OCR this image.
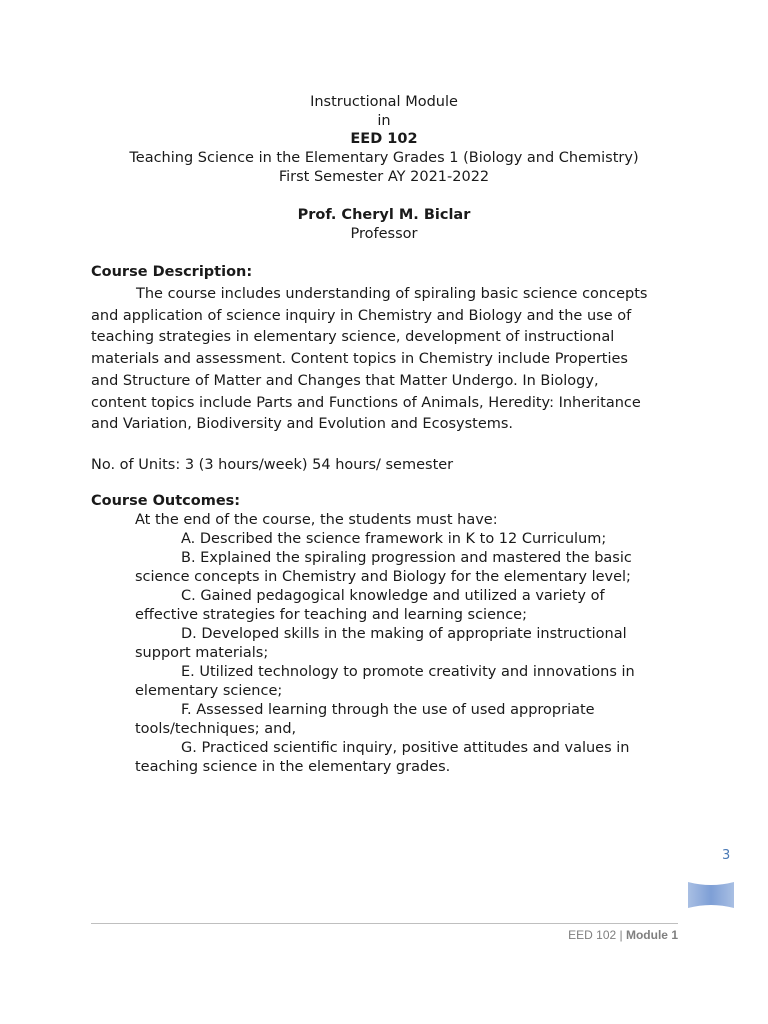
Instructional Module
in
EED 102
Teaching Science in the Elementary Grades 1 (Biology and Chemistry)
First Semester AY 2021-2022
Prof. Cheryl M. Biclar
Professor
Course Description:
The course includes understanding of spiraling basic science concepts
and application of science inquiry in Chemistry and Biology and the use of
teaching strategies in elementary science, development of instructional
materials and assessment. Content topics in Chemistry include Properties
and Structure of Matter and Changes that Matter Undergo. In Biology,
content topics include Parts and Functions of Animals, Heredity: Inheritance
and Variation, Biodiversity and Evolution and Ecosystems.
No. of Units: 3 (3 hours/week) 54 hours/ semester
Course Outcomes:
At the end of the course, the students must have:

A. Described the science framework in K to 12 Curriculum;

B. Explained the spiraling progression and mastered the basic science concepts in Chemistry and Biology for the elementary level;

C. Gained pedagogical knowledge and utilized a variety of effective strategies for teaching and learning science;

D. Developed skills in the making of appropriate instructional support materials;

E. Utilized technology to promote creativity and innovations in elementary science;

F. Assessed learning through the use of used appropriate tools/techniques; and,

G. Practiced scientific inquiry, positive attitudes and values in teaching science in the elementary grades.

3
EED 102 | Module 1
